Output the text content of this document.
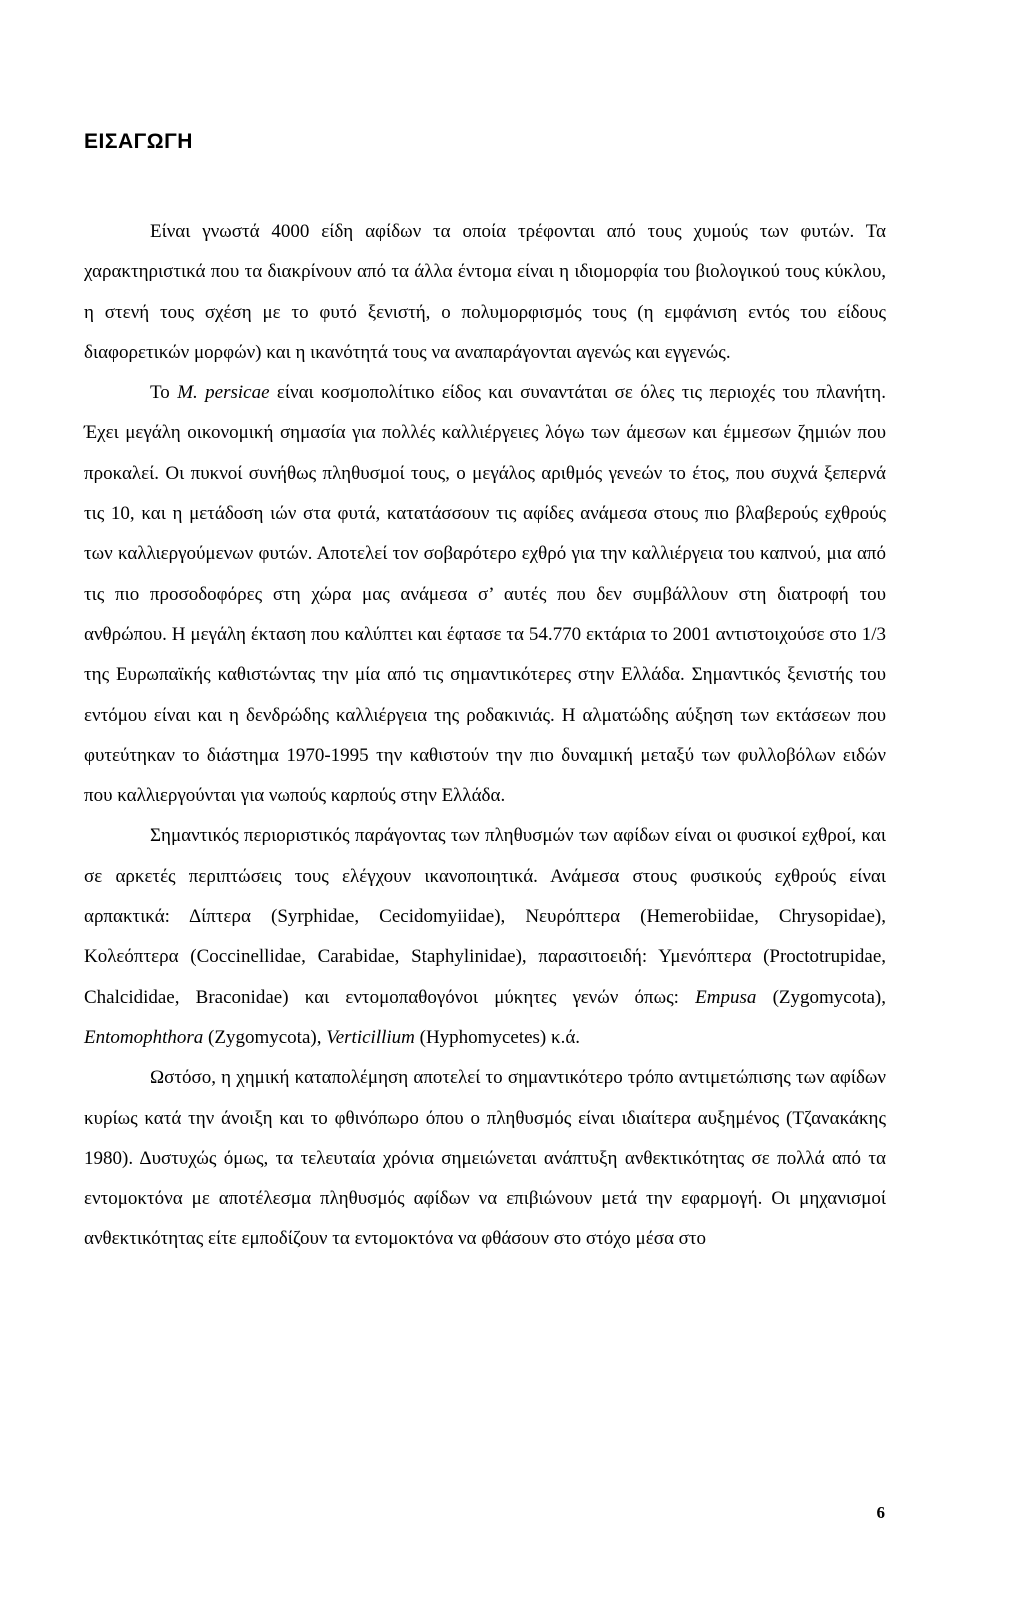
ΕΙΣΑΓΩΓΗ

Είναι γνωστά 4000 είδη αφίδων τα οποία τρέφονται από τους χυμούς των φυτών. Τα χαρακτηριστικά που τα διακρίνουν από τα άλλα έντομα είναι η ιδιομορφία του βιολογικού τους κύκλου, η στενή τους σχέση με το φυτό ξενιστή, ο πολυμορφισμός τους (η εμφάνιση εντός του είδους διαφορετικών μορφών) και η ικανότητά τους να αναπαράγονται αγενώς και εγγενώς.

Το M. persicae είναι κοσμοπολίτικο είδος και συναντάται σε όλες τις περιοχές του πλανήτη. Έχει μεγάλη οικονομική σημασία για πολλές καλλιέργειες λόγω των άμεσων και έμμεσων ζημιών που προκαλεί. Οι πυκνοί συνήθως πληθυσμοί τους, ο μεγάλος αριθμός γενεών το έτος, που συχνά ξεπερνά τις 10, και η μετάδοση ιών στα φυτά, κατατάσσουν τις αφίδες ανάμεσα στους πιο βλαβερούς εχθρούς των καλλιεργούμενων φυτών. Αποτελεί τον σοβαρότερο εχθρό για την καλλιέργεια του καπνού, μια από τις πιο προσοδοφόρες στη χώρα μας ανάμεσα σ’ αυτές που δεν συμβάλλουν στη διατροφή του ανθρώπου. Η μεγάλη έκταση που καλύπτει και έφτασε τα 54.770 εκτάρια το 2001 αντιστοιχούσε στο 1/3 της Ευρωπαϊκής καθιστώντας την μία από τις σημαντικότερες στην Ελλάδα. Σημαντικός ξενιστής του εντόμου είναι και η δενδρώδης καλλιέργεια της ροδακινιάς. Η αλματώδης αύξηση των εκτάσεων που φυτεύτηκαν το διάστημα 1970-1995 την καθιστούν την πιο δυναμική μεταξύ των φυλλοβόλων ειδών που καλλιεργούνται για νωπούς καρπούς στην Ελλάδα.

Σημαντικός περιοριστικός παράγοντας των πληθυσμών των αφίδων είναι οι φυσικοί εχθροί, και σε αρκετές περιπτώσεις τους ελέγχουν ικανοποιητικά. Ανάμεσα στους φυσικούς εχθρούς είναι αρπακτικά: Δίπτερα (Syrphidae, Cecidomyiidae), Νευρόπτερα (Hemerobiidae, Chrysopidae), Κολεόπτερα (Coccinellidae, Carabidae, Staphylinidae), παρασιτοειδή: Υμενόπτερα (Proctotrupidae, Chalcididae, Braconidae) και εντομοπαθογόνοι μύκητες γενών όπως: Empusa (Zygomycota), Entomophthora (Zygomycota), Verticillium (Hyphomycetes) κ.ά.

Ωστόσο, η χημική καταπολέμηση αποτελεί το σημαντικότερο τρόπο αντιμετώπισης των αφίδων κυρίως κατά την άνοιξη και το φθινόπωρο όπου ο πληθυσμός είναι ιδιαίτερα αυξημένος (Τζανακάκης 1980). Δυστυχώς όμως, τα τελευταία χρόνια σημειώνεται ανάπτυξη ανθεκτικότητας σε πολλά από τα εντομοκτόνα με αποτέλεσμα πληθυσμός αφίδων να επιβιώνουν μετά την εφαρμογή. Οι μηχανισμοί ανθεκτικότητας είτε εμποδίζουν τα εντομοκτόνα να φθάσουν στο στόχο μέσα στο

6
